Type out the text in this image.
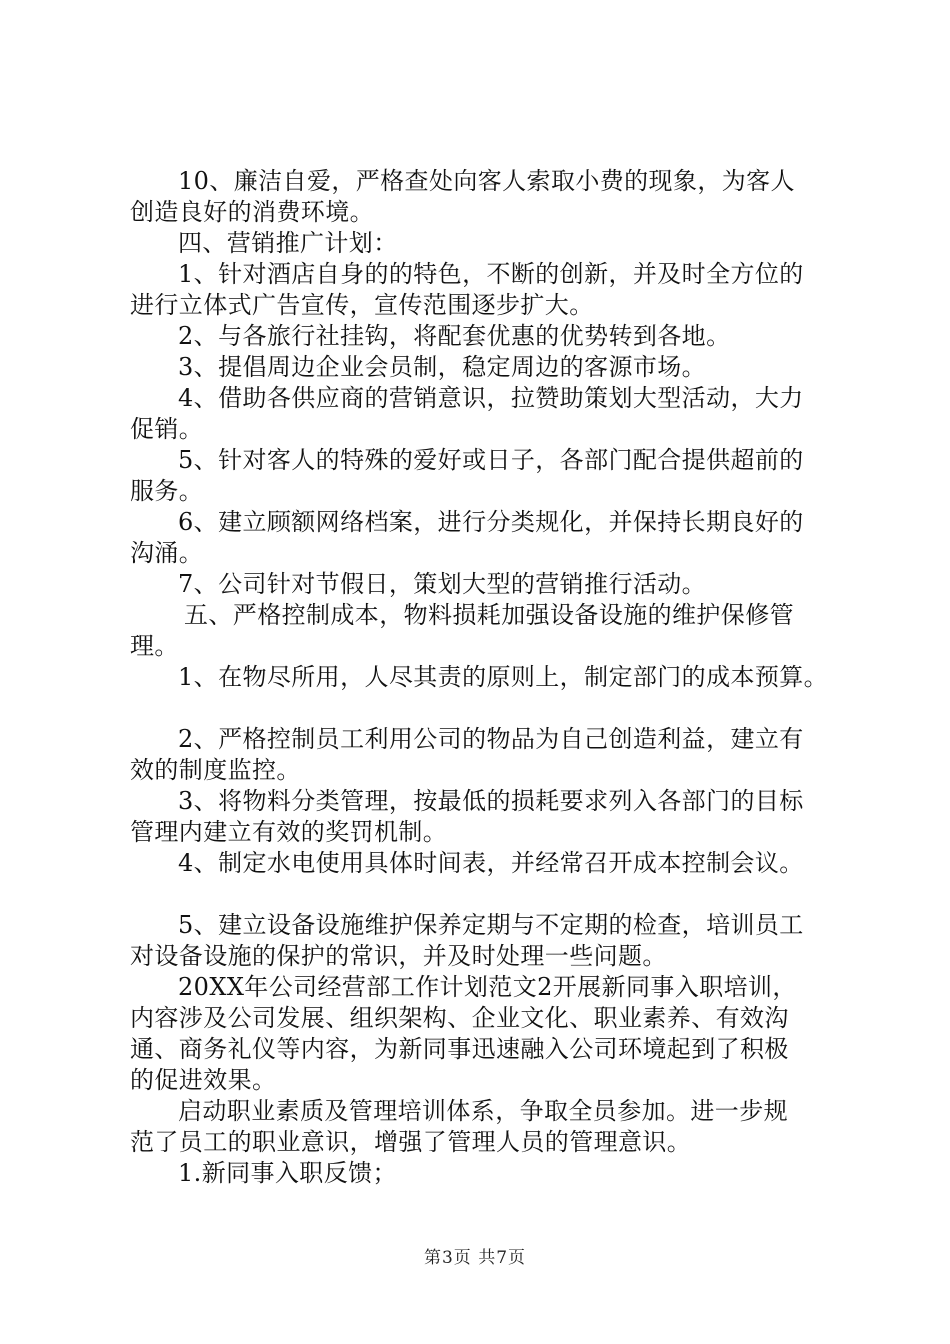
10、廉洁自爱，严格查处向客人索取小费的现象，为客人
创造良好的消费环境。
四、营销推广计划：
1、针对酒店自身的的特色，不断的创新，并及时全方位的
进行立体式广告宣传，宣传范围逐步扩大。
2、与各旅行社挂钩，将配套优惠的优势转到各地。
3、提倡周边企业会员制，稳定周边的客源市场。
4、借助各供应商的营销意识，拉赞助策划大型活动，大力
促销。
5、针对客人的特殊的爱好或日子，各部门配合提供超前的
服务。
6、建立顾额网络档案，进行分类规化，并保持长期良好的
沟涌。
7、公司针对节假日，策划大型的营销推行活动。
五、严格控制成本，物料损耗加强设备设施的维护保修管
理。
1、在物尽所用，人尽其责的原则上，制定部门的成本预算。
2、严格控制员工利用公司的物品为自己创造利益，建立有
效的制度监控。
3、将物料分类管理，按最低的损耗要求列入各部门的目标
管理内建立有效的奖罚机制。
4、制定水电使用具体时间表，并经常召开成本控制会议。
5、建立设备设施维护保养定期与不定期的检查，培训员工
对设备设施的保护的常识，并及时处理一些问题。
20XX年公司经营部工作计划范文2开展新同事入职培训，
内容涉及公司发展、组织架构、企业文化、职业素养、有效沟
通、商务礼仪等内容，为新同事迅速融入公司环境起到了积极
的促进效果。
启动职业素质及管理培训体系，争取全员参加。进一步规
范了员工的职业意识，增强了管理人员的管理意识。
1.新同事入职反馈；
第3页 共7页
